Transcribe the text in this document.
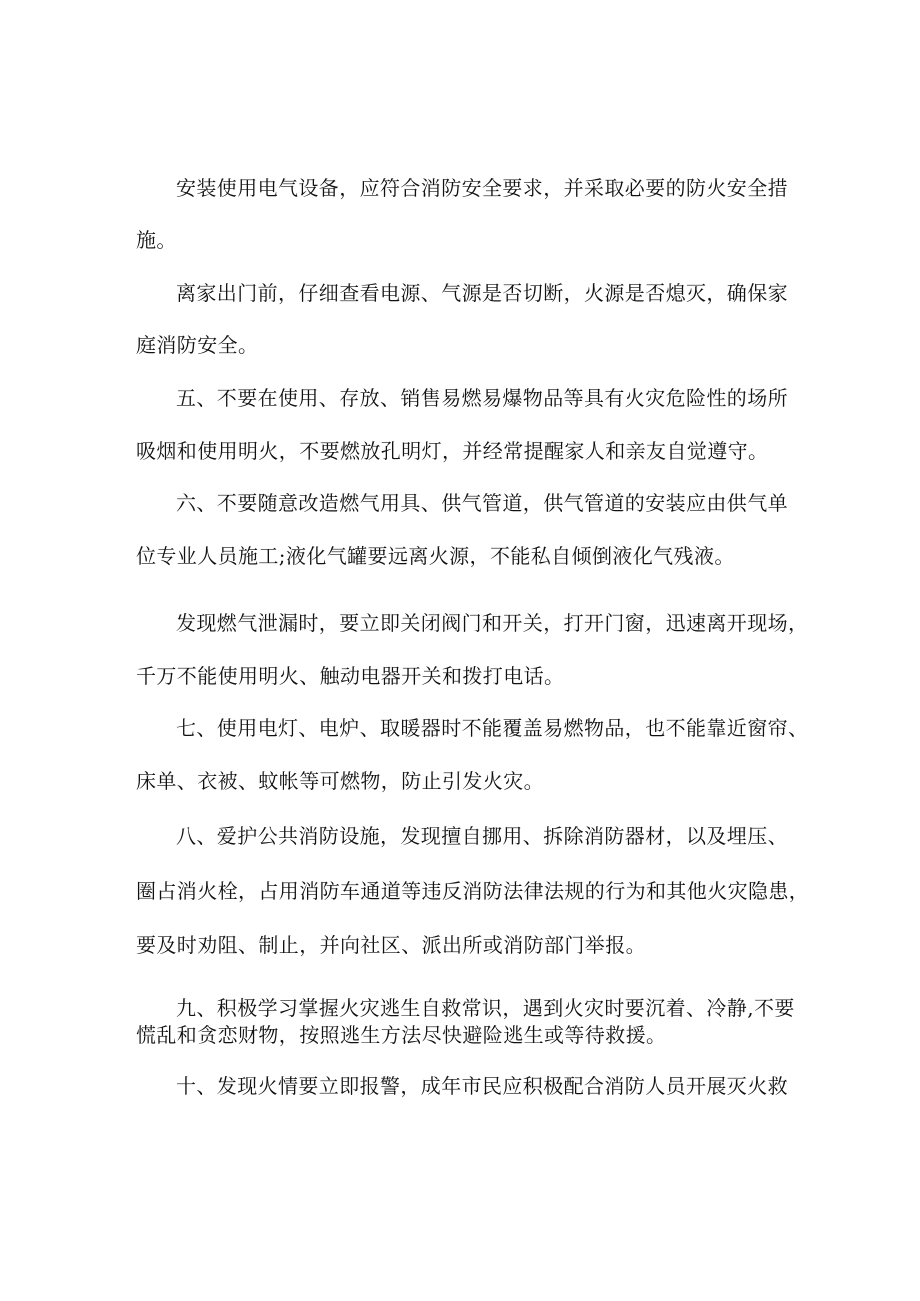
安装使用电气设备，应符合消防安全要求，并采取必要的防火安全措
施。
离家出门前，仔细查看电源、气源是否切断，火源是否熄灭，确保家
庭消防安全。
五、不要在使用、存放、销售易燃易爆物品等具有火灾危险性的场所
吸烟和使用明火，不要燃放孔明灯，并经常提醒家人和亲友自觉遵守。
六、不要随意改造燃气用具、供气管道，供气管道的安装应由供气单
位专业人员施工;液化气罐要远离火源，不能私自倾倒液化气残液。
发现燃气泄漏时，要立即关闭阀门和开关，打开门窗，迅速离开现场，
千万不能使用明火、触动电器开关和拨打电话。
七、使用电灯、电炉、取暖器时不能覆盖易燃物品，也不能靠近窗帘、
床单、衣被、蚊帐等可燃物，防止引发火灾。
八、爱护公共消防设施，发现擅自挪用、拆除消防器材，以及埋压、
圈占消火栓，占用消防车通道等违反消防法律法规的行为和其他火灾隐患，
要及时劝阻、制止，并向社区、派出所或消防部门举报。
九、积极学习掌握火灾逃生自救常识，遇到火灾时要沉着、冷静,不要
慌乱和贪恋财物，按照逃生方法尽快避险逃生或等待救援。
十、发现火情要立即报警，成年市民应积极配合消防人员开展灭火救
